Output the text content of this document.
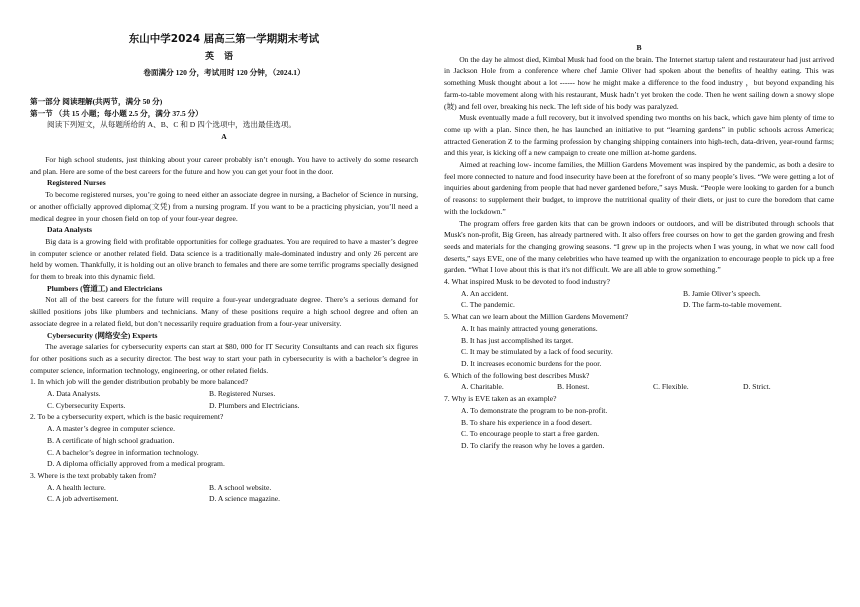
东山中学2024 届高三第一学期期末考试
英语
卷面满分 120 分，考试用时 120 分钟，（2024.1）

第一部分 阅读理解(共两节，满分 50 分)

第一节 （共 15 小题；每小题 2.5 分，满分 37.5 分）

阅读下列短文，从每题所给的 A、B、C 和 D 四个选项中，选出最佳选项。

A

For high school students, just thinking about your career probably isn’t enough. You have to actively do some research and plan. Here are some of the best careers for the future and how you can get your foot in the door.

Registered Nurses

To become registered nurses, you’re going to need either an associate degree in nursing, a Bachelor of Science in nursing, or another officially approved diploma(文凭) from a nursing program. If you want to be a practicing physician, you’ll need a medical degree in your chosen field on top of your four-year degree.

Data Analysts

Big data is a growing field with profitable opportunities for college graduates. You are required to have a master’s degree in computer science or another related field. Data science is a traditionally male-dominated industry and only 26 percent are held by women. Thankfully, it is holding out an olive branch to females and there are some terrific programs specially designed for them to break into this dynamic field.

Plumbers (管道工) and Electricians

Not all of the best careers for the future will require a four-year undergraduate degree. There’s a serious demand for skilled positions jobs like plumbers and technicians. Many of these positions require a high school degree and often an associate degree in a related field, but don’t necessarily require graduation from a four-year university.

Cybersecurity (网络安全) Experts

The average salaries for cybersecurity experts can start at $80, 000 for IT Security Consultants and can reach six figures for other positions such as a security director. The best way to start your path in cybersecurity is with a bachelor’s degree in computer science, information technology, engineering, or other related fields.

1. In which job will the gender distribution probably be more balanced?

A. Data Analysts.	B. Registered Nurses.

C. Cybersecurity Experts.	D. Plumbers and Electricians.

2. To be a cybersecurity expert, which is the basic requirement?

A. A master’s degree in computer science.

B. A certificate of high school graduation.

C. A bachelor’s degree in information technology.

D. A diploma officially approved from a medical program.

3. Where is the text probably taken from?

A. A health lecture.	B. A school website.

C. A job advertisement.	D. A science magazine.

B

On the day he almost died, Kimbal Musk had food on the brain. The Internet startup talent and restaurateur had just arrived in Jackson Hole from a conference where chef Jamie Oliver had spoken about the benefits of healthy eating. This was something Musk thought about a lot ------ how he might make a difference to the food industry ，but beyond expanding his farm-to-table movement along with his restaurant, Musk hadn’t yet broken the code. Then he went sailing down a snowy slope (坡) and fell over, breaking his neck. The left side of his body was paralyzed.

Musk eventually made a full recovery, but it involved spending two months on his back, which gave him plenty of time to come up with a plan. Since then, he has launched an initiative to put “learning gardens” in public schools across America; attracted Generation Z to the farming profession by changing shipping containers into high-tech, data-driven, year-round farms; and this year, is kicking off a new campaign to create one million at-home gardens.

Aimed at reaching low- income families, the Million Gardens Movement was inspired by the pandemic, as both a desire to feel more connected to nature and food insecurity have been at the forefront of so many people’s lives. “We were getting a lot of inquiries about gardening from people that had never gardened before,” says Musk. “People were looking to garden for a bunch of reasons: to supplement their budget, to improve the nutritional quality of their diets, or just to cure the boredom that came with the lockdown.”

The program offers free garden kits that can be grown indoors or outdoors, and will be distributed through schools that Musk's non-profit, Big Green, has already partnered with. It also offers free courses on how to get the garden growing and fresh seeds and materials for the changing growing seasons. “I grew up in the projects when I was young, in what we now call food deserts,” says EVE, one of the many celebrities who have teamed up with the organization to encourage people to pick up a free garden. “What I love about this is that it's not difficult. We are all able to grow something.”

4. What inspired Musk to be devoted to food industry?

A. An accident.	B. Jamie Oliver’s speech.

C. The pandemic.	D. The farm-to-table movement.

5. What can we learn about the Million Gardens Movement?

A. It has mainly attracted young generations.

B. It has just accomplished its target.

C. It may be stimulated by a lack of food security.

D. It increases economic burdens for the poor.

6. Which of the following best describes Musk?

A. Charitable.	B. Honest.	C. Flexible.	D. Strict.

7. Why is EVE taken as an example?

A. To demonstrate the program to be non-profit.

B. To share his experience in a food desert.

C. To encourage people to start a free garden.

D. To clarify the reason why he loves a garden.
